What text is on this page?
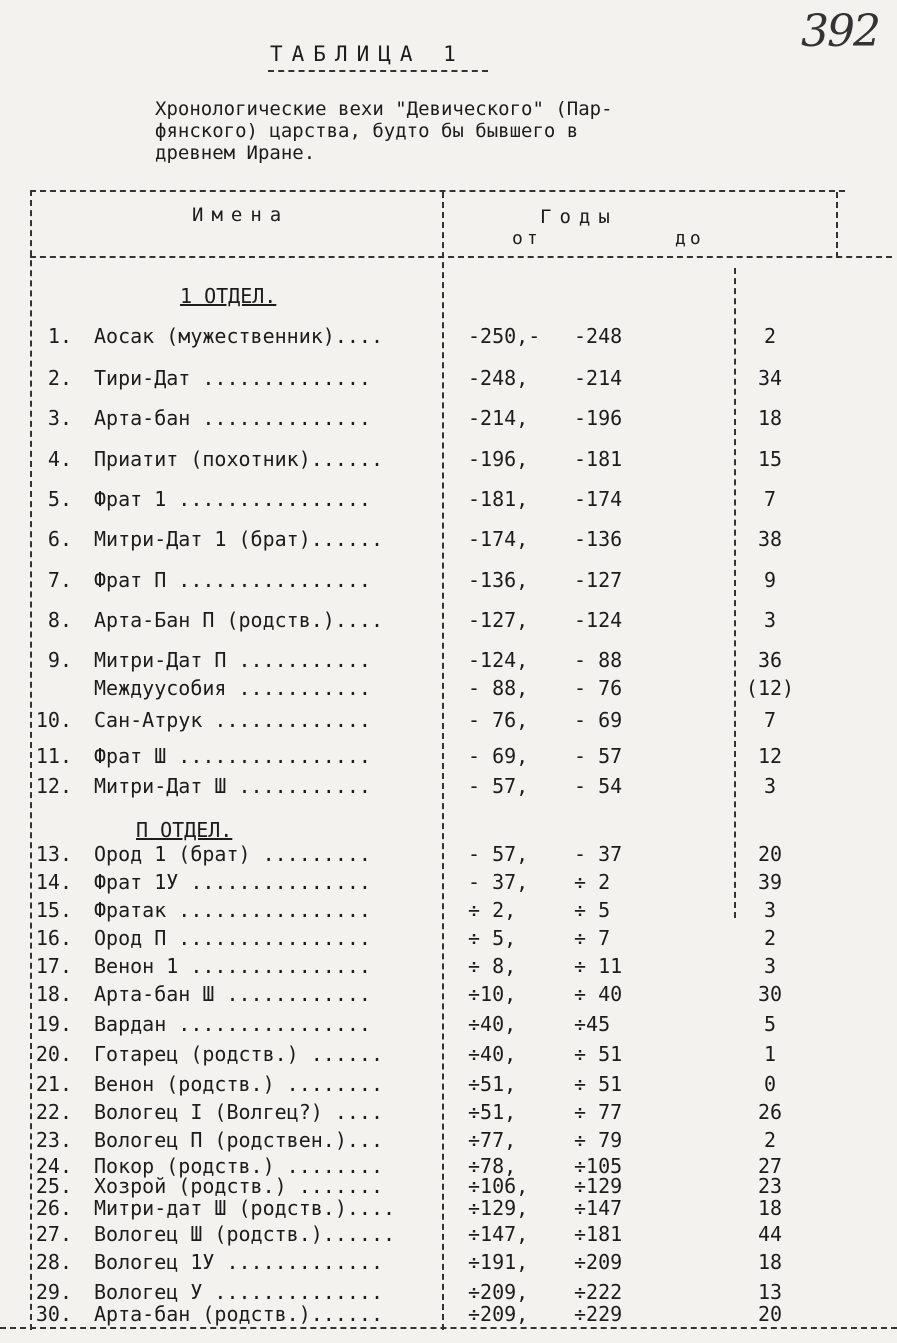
392
ТАБЛИЦА 1
Хронологические вехи "Девического" (Пар-
фянского) царства, будто бы бывшего в
древнем Иране.
Имена	Годы
от	до
1 ОТДЕЛ.
П ОТДЕЛ.
1. Аосак (мужественник)....	-250,- -248	2
2. Тири-Дат ..............	-248, -214	34
3. Арта-бан ..............	-214, -196	18
4. Приатит (похотник)......	-196, -181	15
5. Фрат 1 ................	-181, -174	7
6. Митри-Дат 1 (брат)......	-174, -136	38
7. Фрат П ................	-136, -127	9
8. Арта-Бан П (родств.)....	-127, -124	3
9. Митри-Дат П ...........	-124, - 88	36
Междуусобия ...........	- 88, - 76	(12)
10. Сан-Атрук .............	- 76, - 69	7
11. Фрат Ш ................	- 69, - 57	12
12. Митри-Дат Ш ...........	- 57, - 54	3
13. Ород 1 (брат) .........	- 57, - 37	20
14. Фрат 1У ...............	- 37, ÷ 2	39
15. Фратак ................	÷ 2,	÷ 5	3
16. Ород П ................	÷ 5,	÷ 7	2
17. Венон 1 ...............	÷ 8,	÷ 11	3
18. Арта-бан Ш ............	÷10,	÷ 40	30
19. Вардан ................	÷40,	÷45	5
20. Готарец (родств.) ......	÷40,	÷ 51	1
21. Венон (родств.) ........	÷51,	÷ 51	0
22. Вологец I (Волгец?) ....	÷51,	÷ 77	26
23. Вологец П (родствен.)...	÷77,	÷ 79	2
24. Покор (родств.) ........	÷78,	÷105	27
25. Хозрой (родств.) .......	÷106, ÷129	23
26. Митри-дат Ш (родств.)....	÷129, ÷147	18
27. Вологец Ш (родств.)......	÷147, ÷181	44
28. Вологец 1У .............	÷191, ÷209	18
29. Вологец У ..............	÷209, ÷222	13
30. Арта-бан (родств.)......	÷209, ÷229	20
